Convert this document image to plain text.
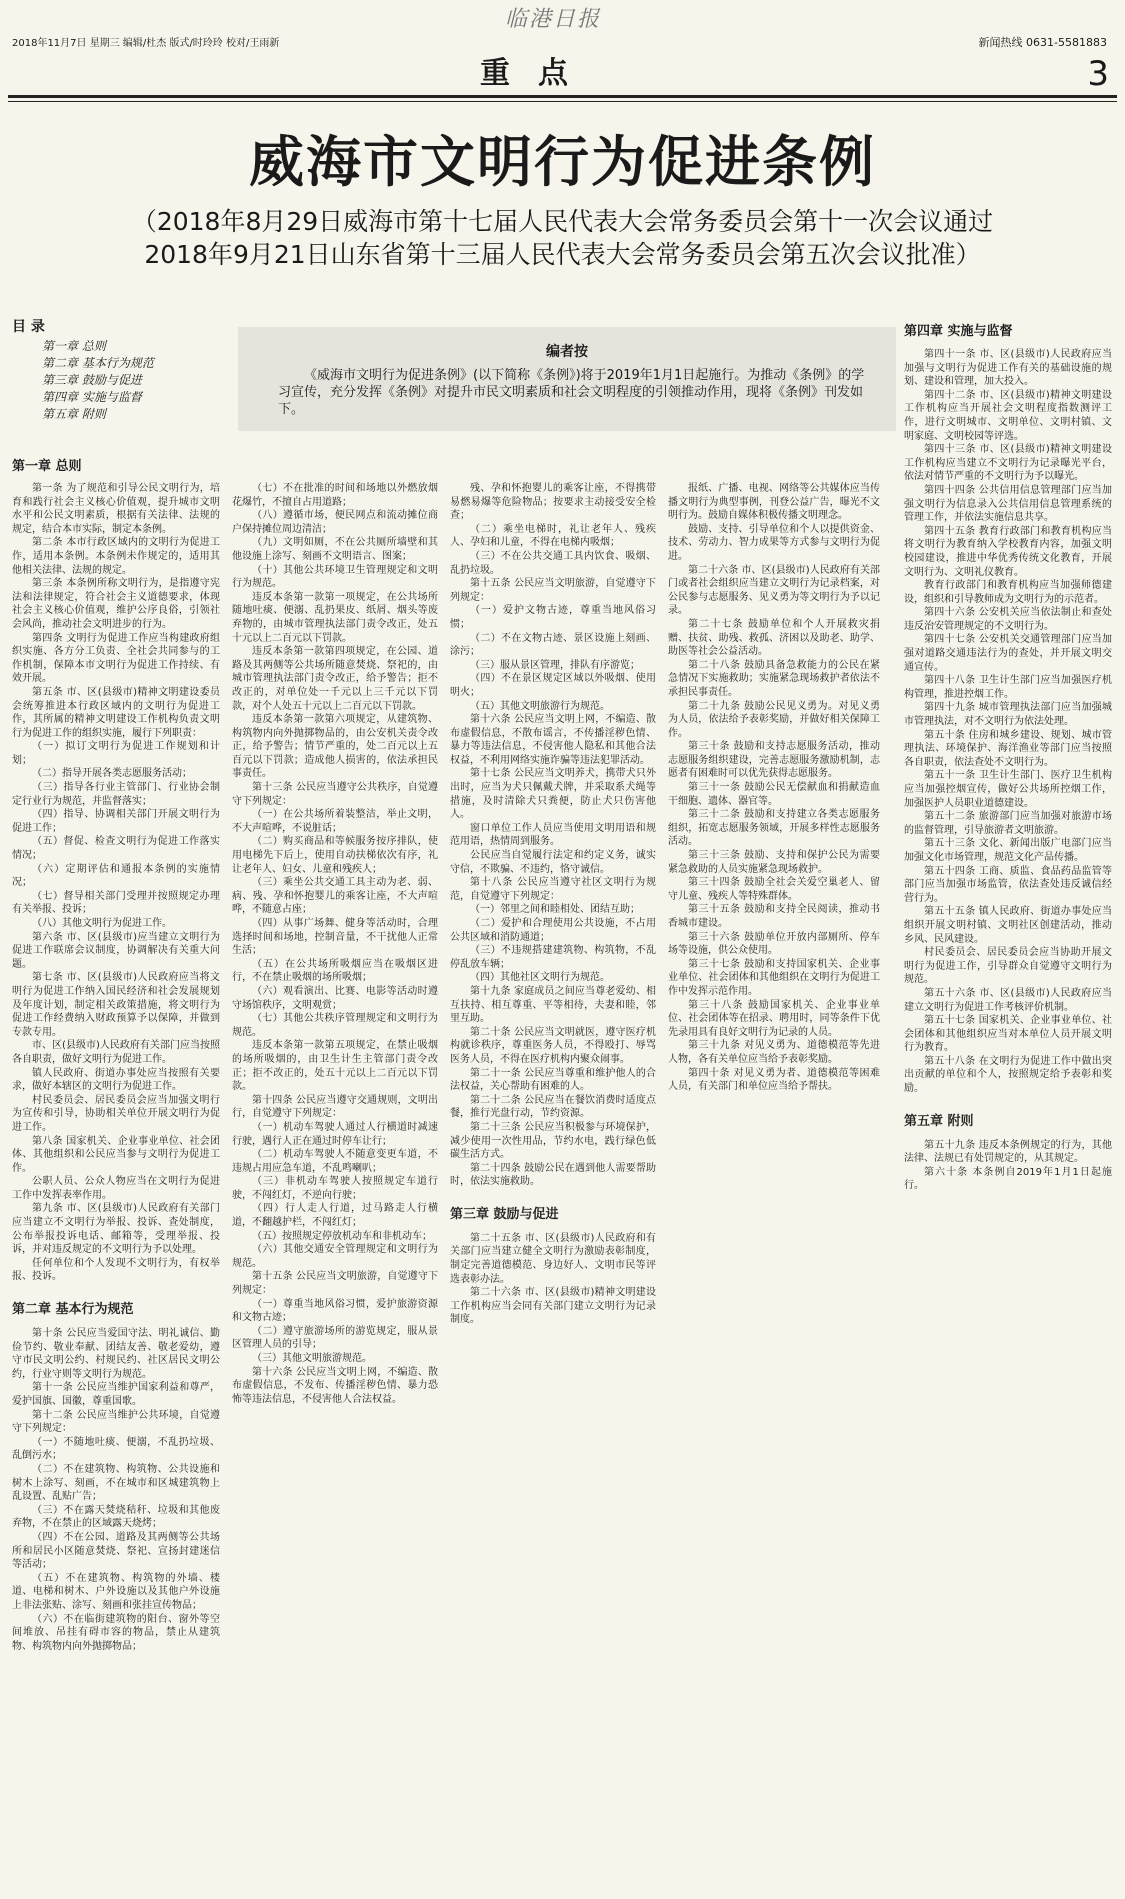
2018年11月7日 星期三 编辑/杜杰 版式/时玲玲 校对/王雨新
临港日报
新闻热线 0631-5581883
重点	3
威海市文明行为促进条例
（2018年8月29日威海市第十七届人民代表大会常务委员会第十一次会议通过
2018年9月21日山东省第十三届人民代表大会常务委员会第五次会议批准）
目 录
第一章 总则
第二章 基本行为规范
第三章 鼓励与促进
第四章 实施与监督
第五章 附则
编者按
《威海市文明行为促进条例》(以下简称《条例》)将于2019年1月1日起施行。为推动《条例》的学习宣传，充分发挥《条例》对提升市民文明素质和社会文明程度的引领推动作用，现将《条例》刊发如下。
第一章 总则
第四章 实施与监督

第一条 为了规范和引导公民文明行为，培育和践行社会主义核心价值观，提升城市文明水平和公民文明素质，根据有关法律、法规的规定，结合本市实际，制定本条例。

第二条 本市行政区域内的文明行为促进工作，适用本条例。本条例未作规定的，适用其他相关法律、法规的规定。

第三条 本条例所称文明行为，是指遵守宪法和法律规定，符合社会主义道德要求，体现社会主义核心价值观，维护公序良俗，引领社会风尚，推动社会文明进步的行为。

第四条 文明行为促进工作应当构建政府组织实施、各方分工负责、全社会共同参与的工作机制，保障本市文明行为促进工作持续、有效开展。

第五条 市、区(县级市)精神文明建设委员会统筹推进本行政区域内的文明行为促进工作，其所属的精神文明建设工作机构负责文明行为促进工作的组织实施，履行下列职责：

（一）拟订文明行为促进工作规划和计划；

（二）指导开展各类志愿服务活动；

（三）指导各行业主管部门、行业协会制定行业行为规范，并监督落实；

（四）指导、协调相关部门开展文明行为促进工作；

（五）督促、检查文明行为促进工作落实情况；

（六）定期评估和通报本条例的实施情况；

（七）督导相关部门受理并按照规定办理有关举报、投诉；

（八）其他文明行为促进工作。

第六条 市、区(县级市)应当建立文明行为促进工作联席会议制度，协调解决有关重大问题。

第七条 市、区(县级市)人民政府应当将文明行为促进工作纳入国民经济和社会发展规划及年度计划，制定相关政策措施，将文明行为促进工作经费纳入财政预算予以保障，并做到专款专用。

市、区(县级市)人民政府有关部门应当按照各自职责，做好文明行为促进工作。

镇人民政府、街道办事处应当按照有关要求，做好本辖区的文明行为促进工作。

村民委员会、居民委员会应当加强文明行为宣传和引导，协助相关单位开展文明行为促进工作。

第八条 国家机关、企业事业单位、社会团体、其他组织和公民应当参与文明行为促进工作。

公职人员、公众人物应当在文明行为促进工作中发挥表率作用。

第九条 市、区(县级市)人民政府有关部门应当建立不文明行为举报、投诉、查处制度，公布举报投诉电话、邮箱等，受理举报、投诉，并对违反规定的不文明行为予以处理。

任何单位和个人发现不文明行为，有权举报、投诉。

第二章 基本行为规范

第十条 公民应当爱国守法、明礼诚信、勤俭节约、敬业奉献、团结友善、敬老爱幼，遵守市民文明公约、村规民约、社区居民文明公约，行业守则等文明行为规范。

第十一条 公民应当维护国家利益和尊严，爱护国旗、国徽，尊重国歌。

第十二条 公民应当维护公共环境，自觉遵守下列规定：

（一）不随地吐痰、便溺，不乱扔垃圾、乱倒污水；

（二）不在建筑物、构筑物、公共设施和树木上涂写、刻画，不在城市和区城建筑物上乱设置、乱贴广告；

（三）不在露天焚烧秸秆、垃圾和其他废弃物，不在禁止的区域露天烧烤；

（四）不在公园、道路及其两侧等公共场所和居民小区随意焚烧、祭祀、宣扬封建迷信等活动；

（五）不在建筑物、构筑物的外墙、楼道、电梯和树木、户外设施以及其他户外设施上非法张贴、涂写、刻画和张挂宣传物品；

（六）不在临街建筑物的阳台、窗外等空间堆放、吊挂有碍市容的物品，禁止从建筑物、构筑物内向外抛掷物品；

（七）不在批准的时间和场地以外燃放烟花爆竹，不擅自占用道路；

（八）遵循市场，便民网点和流动摊位商户保持摊位周边清洁；

（九）文明如厕，不在公共厕所墙壁和其他设施上涂写、刻画不文明语言、图案；

（十）其他公共环境卫生管理规定和文明行为规范。

违反本条第一款第一项规定，在公共场所随地吐痰、便溺、乱扔果皮、纸屑、烟头等废弃物的，由城市管理执法部门责令改正，处五十元以上二百元以下罚款。

违反本条第一款第四项规定，在公园、道路及其两侧等公共场所随意焚烧、祭祀的，由城市管理执法部门责令改正，给予警告；拒不改正的，对单位处一千元以上三千元以下罚款，对个人处五十元以上二百元以下罚款。

违反本条第一款第六项规定，从建筑物、构筑物内向外抛掷物品的，由公安机关责令改正，给予警告；情节严重的，处二百元以上五百元以下罚款；造成他人损害的，依法承担民事责任。

第十三条 公民应当遵守公共秩序，自觉遵守下列规定：

（一）在公共场所着装整洁，举止文明，不大声喧哗，不说脏话；

（二）购买商品和等候服务按序排队，使用电梯先下后上，使用自动扶梯依次有序，礼让老年人、妇女、儿童和残疾人；

（三）乘坐公共交通工具主动为老、弱、病、残、孕和怀抱婴儿的乘客让座，不大声喧哗，不随意占座；

（四）从事广场舞、健身等活动时，合理选择时间和场地，控制音量，不干扰他人正常生活；

（五）在公共场所吸烟应当在吸烟区进行，不在禁止吸烟的场所吸烟；

（六）观看演出、比赛、电影等活动时遵守场馆秩序，文明观赏；

（七）其他公共秩序管理规定和文明行为规范。

违反本条第一款第五项规定，在禁止吸烟的场所吸烟的，由卫生计生主管部门责令改正；拒不改正的，处五十元以上二百元以下罚款。

第十四条 公民应当遵守交通规则，文明出行，自觉遵守下列规定：

（一）机动车驾驶人通过人行横道时减速行驶，遇行人正在通过时停车让行；

（二）机动车驾驶人不随意变更车道，不违规占用应急车道，不乱鸣喇叭；

（三）非机动车驾驶人按照规定车道行驶，不闯红灯，不逆向行驶；

（四）行人走人行道，过马路走人行横道，不翻越护栏，不闯红灯；

（五）按照规定停放机动车和非机动车；

（六）其他交通安全管理规定和文明行为规范。

第十五条 公民应当文明旅游，自觉遵守下列规定：

（一）尊重当地风俗习惯，爱护旅游资源和文物古迹；

（二）遵守旅游场所的游览规定，服从景区管理人员的引导；

（三）其他文明旅游规范。

第十六条 公民应当文明上网，不编造、散布虚假信息，不发布、传播淫秽色情、暴力恐怖等违法信息，不侵害他人合法权益。

残、孕和怀抱婴儿的乘客让座，不得携带易燃易爆等危险物品；按要求主动接受安全检查；

（二）乘坐电梯时，礼让老年人、残疾人、孕妇和儿童，不得在电梯内吸烟；

（三）不在公共交通工具内饮食、吸烟、乱扔垃圾。

第十五条 公民应当文明旅游，自觉遵守下列规定：

（一）爱护文物古迹，尊重当地风俗习惯；

（二）不在文物古迹、景区设施上刻画、涂污；

（三）服从景区管理，排队有序游览；

（四）不在景区规定区域以外吸烟、使用明火；

（五）其他文明旅游行为规范。

第十六条 公民应当文明上网，不编造、散布虚假信息，不散布谣言，不传播淫秽色情、暴力等违法信息，不侵害他人隐私和其他合法权益，不利用网络实施诈骗等违法犯罪活动。

第十七条 公民应当文明养犬，携带犬只外出时，应当为犬只佩戴犬牌，并采取系犬绳等措施，及时清除犬只粪便，防止犬只伤害他人。

窗口单位工作人员应当使用文明用语和规范用语，热情周到服务。

公民应当自觉履行法定和约定义务，诚实守信，不欺骗、不违约，恪守诚信。

第十八条 公民应当遵守社区文明行为规范，自觉遵守下列规定：

（一）邻里之间和睦相处、团结互助；

（二）爱护和合理使用公共设施，不占用公共区域和消防通道；

（三）不违规搭建建筑物、构筑物，不乱停乱放车辆；

（四）其他社区文明行为规范。

第十九条 家庭成员之间应当尊老爱幼、相互扶持、相互尊重、平等相待，夫妻和睦，邻里互助。

第二十条 公民应当文明就医，遵守医疗机构就诊秩序，尊重医务人员，不得殴打、辱骂医务人员，不得在医疗机构内聚众闹事。

第二十一条 公民应当尊重和维护他人的合法权益，关心帮助有困难的人。

第二十二条 公民应当在餐饮消费时适度点餐，推行光盘行动，节约资源。

第二十三条 公民应当积极参与环境保护，减少使用一次性用品，节约水电，践行绿色低碳生活方式。

第二十四条 鼓励公民在遇到他人需要帮助时，依法实施救助。

第三章 鼓励与促进

第二十五条 市、区(县级市)人民政府和有关部门应当建立健全文明行为激励表彰制度，制定完善道德模范、身边好人、文明市民等评选表彰办法。

第二十六条 市、区(县级市)精神文明建设工作机构应当会同有关部门建立文明行为记录制度。

报纸、广播、电视、网络等公共媒体应当传播文明行为典型事例，刊登公益广告，曝光不文明行为。鼓励自媒体积极传播文明理念。

鼓励、支持、引导单位和个人以提供资金、技术、劳动力、智力成果等方式参与文明行为促进。

第二十六条 市、区(县级市)人民政府有关部门或者社会组织应当建立文明行为记录档案，对公民参与志愿服务、见义勇为等文明行为予以记录。

第二十七条 鼓励单位和个人开展救灾捐赠、扶贫、助残、救孤、济困以及助老、助学、助医等社会公益活动。

第二十八条 鼓励具备急救能力的公民在紧急情况下实施救助；实施紧急现场救护者依法不承担民事责任。

第二十九条 鼓励公民见义勇为。对见义勇为人员，依法给予表彰奖励，并做好相关保障工作。

第三十条 鼓励和支持志愿服务活动，推动志愿服务组织建设，完善志愿服务激励机制，志愿者有困难时可以优先获得志愿服务。

第三十一条 鼓励公民无偿献血和捐献造血干细胞、遗体、器官等。

第三十二条 鼓励和支持建立各类志愿服务组织，拓宽志愿服务领域，开展多样性志愿服务活动。

第三十三条 鼓励、支持和保护公民为需要紧急救助的人员实施紧急现场救护。

第三十四条 鼓励全社会关爱空巢老人、留守儿童、残疾人等特殊群体。

第三十五条 鼓励和支持全民阅读，推动书香城市建设。

第三十六条 鼓励单位开放内部厕所、停车场等设施，供公众使用。

第三十七条 鼓励和支持国家机关、企业事业单位、社会团体和其他组织在文明行为促进工作中发挥示范作用。

第三十八条 鼓励国家机关、企业事业单位、社会团体等在招录、聘用时，同等条件下优先录用具有良好文明行为记录的人员。

第三十九条 对见义勇为、道德模范等先进人物，各有关单位应当给予表彰奖励。

第四十条 对见义勇为者、道德模范等困难人员，有关部门和单位应当给予帮扶。

第四十一条 市、区(县级市)人民政府应当加强与文明行为促进工作有关的基础设施的规划、建设和管理，加大投入。

第四十二条 市、区(县级市)精神文明建设工作机构应当开展社会文明程度指数测评工作，进行文明城市、文明单位、文明村镇、文明家庭、文明校园等评选。

第四十三条 市、区(县级市)精神文明建设工作机构应当建立不文明行为记录曝光平台，依法对情节严重的不文明行为予以曝光。

第四十四条 公共信用信息管理部门应当加强文明行为信息录入公共信用信息管理系统的管理工作，并依法实施信息共享。

第四十五条 教育行政部门和教育机构应当将文明行为教育纳入学校教育内容，加强文明校园建设，推进中华优秀传统文化教育，开展文明行为、文明礼仪教育。

教育行政部门和教育机构应当加强师德建设，组织和引导教师成为文明行为的示范者。

第四十六条 公安机关应当依法制止和查处违反治安管理规定的不文明行为。

第四十七条 公安机关交通管理部门应当加强对道路交通违法行为的查处，并开展文明交通宣传。

第四十八条 卫生计生部门应当加强医疗机构管理，推进控烟工作。

第四十九条 城市管理执法部门应当加强城市管理执法，对不文明行为依法处理。

第五十条 住房和城乡建设、规划、城市管理执法、环境保护、海洋渔业等部门应当按照各自职责，依法查处不文明行为。

第五十一条 卫生计生部门、医疗卫生机构应当加强控烟宣传，做好公共场所控烟工作，加强医护人员职业道德建设。

第五十二条 旅游部门应当加强对旅游市场的监督管理，引导旅游者文明旅游。

第五十三条 文化、新闻出版广电部门应当加强文化市场管理，规范文化产品传播。

第五十四条 工商、质监、食品药品监管等部门应当加强市场监管，依法查处违反诚信经营行为。

第五十五条 镇人民政府、街道办事处应当组织开展文明村镇、文明社区创建活动，推动乡风、民风建设。

村民委员会、居民委员会应当协助开展文明行为促进工作，引导群众自觉遵守文明行为规范。

第五十六条 市、区(县级市)人民政府应当建立文明行为促进工作考核评价机制。

第五十七条 国家机关、企业事业单位、社会团体和其他组织应当对本单位人员开展文明行为教育。

第五十八条 在文明行为促进工作中做出突出贡献的单位和个人，按照规定给予表彰和奖励。

第五章 附则

第五十九条 违反本条例规定的行为，其他法律、法规已有处罚规定的，从其规定。

第六十条 本条例自2019年1月1日起施行。
